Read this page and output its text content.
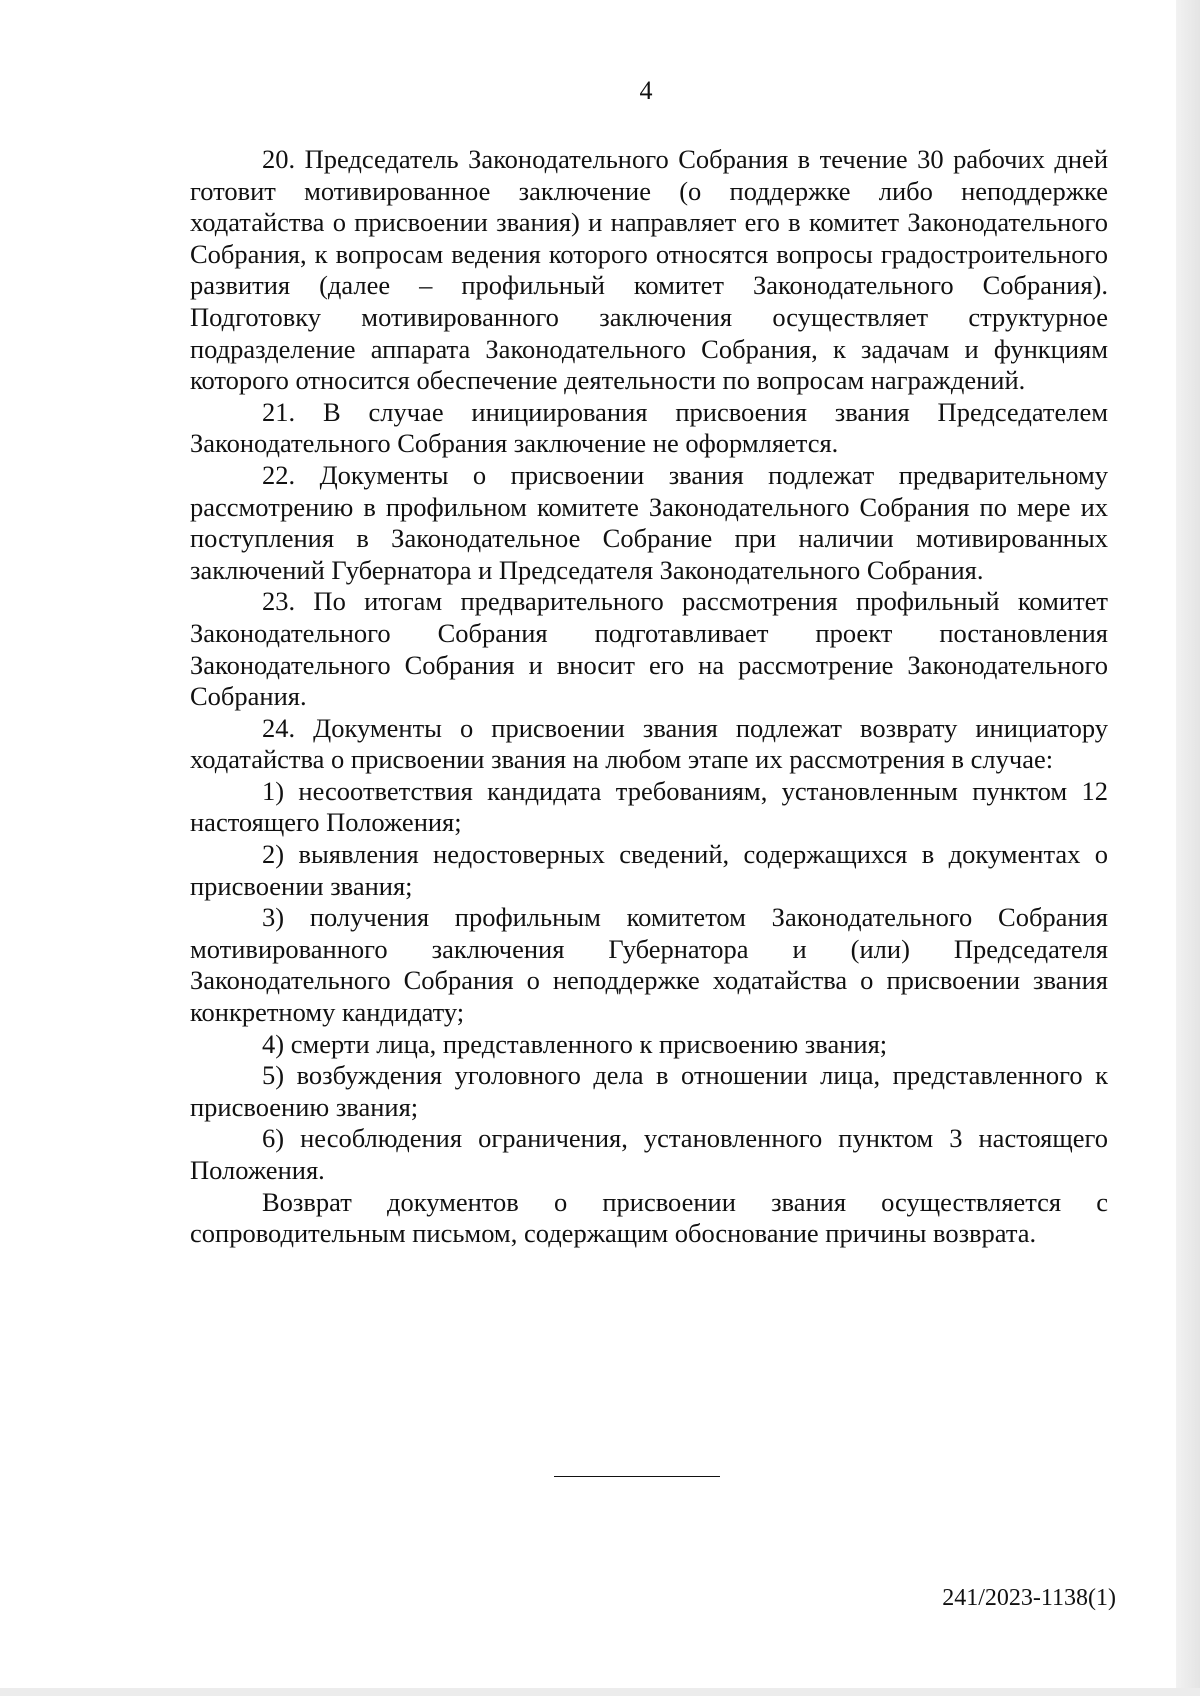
4

20. Председатель Законодательного Собрания в течение 30 рабочих дней готовит мотивированное заключение (о поддержке либо неподдержке ходатайства о присвоении звания) и направляет его в комитет Законодательного Собрания, к вопросам ведения которого относятся вопросы градостроительного развития (далее – профильный комитет Законодательного Собрания). Подготовку мотивированного заключения осуществляет структурное подразделение аппарата Законодательного Собрания, к задачам и функциям которого относится обеспечение деятельности по вопросам награждений.

21. В случае инициирования присвоения звания Председателем Законодательного Собрания заключение не оформляется.

22. Документы о присвоении звания подлежат предварительному рассмотрению в профильном комитете Законодательного Собрания по мере их поступления в Законодательное Собрание при наличии мотивированных заключений Губернатора и Председателя Законодательного Собрания.

23. По итогам предварительного рассмотрения профильный комитет Законодательного Собрания подготавливает проект постановления Законодательного Собрания и вносит его на рассмотрение Законодательного Собрания.

24. Документы о присвоении звания подлежат возврату инициатору ходатайства о присвоении звания на любом этапе их рассмотрения в случае:

1) несоответствия кандидата требованиям, установленным пунктом 12 настоящего Положения;

2) выявления недостоверных сведений, содержащихся в документах о присвоении звания;

3) получения профильным комитетом Законодательного Собрания мотивированного заключения Губернатора и (или) Председателя Законодательного Собрания о неподдержке ходатайства о присвоении звания конкретному кандидату;

4) смерти лица, представленного к присвоению звания;

5) возбуждения уголовного дела в отношении лица, представленного к присвоению звания;

6) несоблюдения ограничения, установленного пунктом 3 настоящего Положения.

Возврат документов о присвоении звания осуществляется с сопроводительным письмом, содержащим обоснование причины возврата.

241/2023-1138(1)
